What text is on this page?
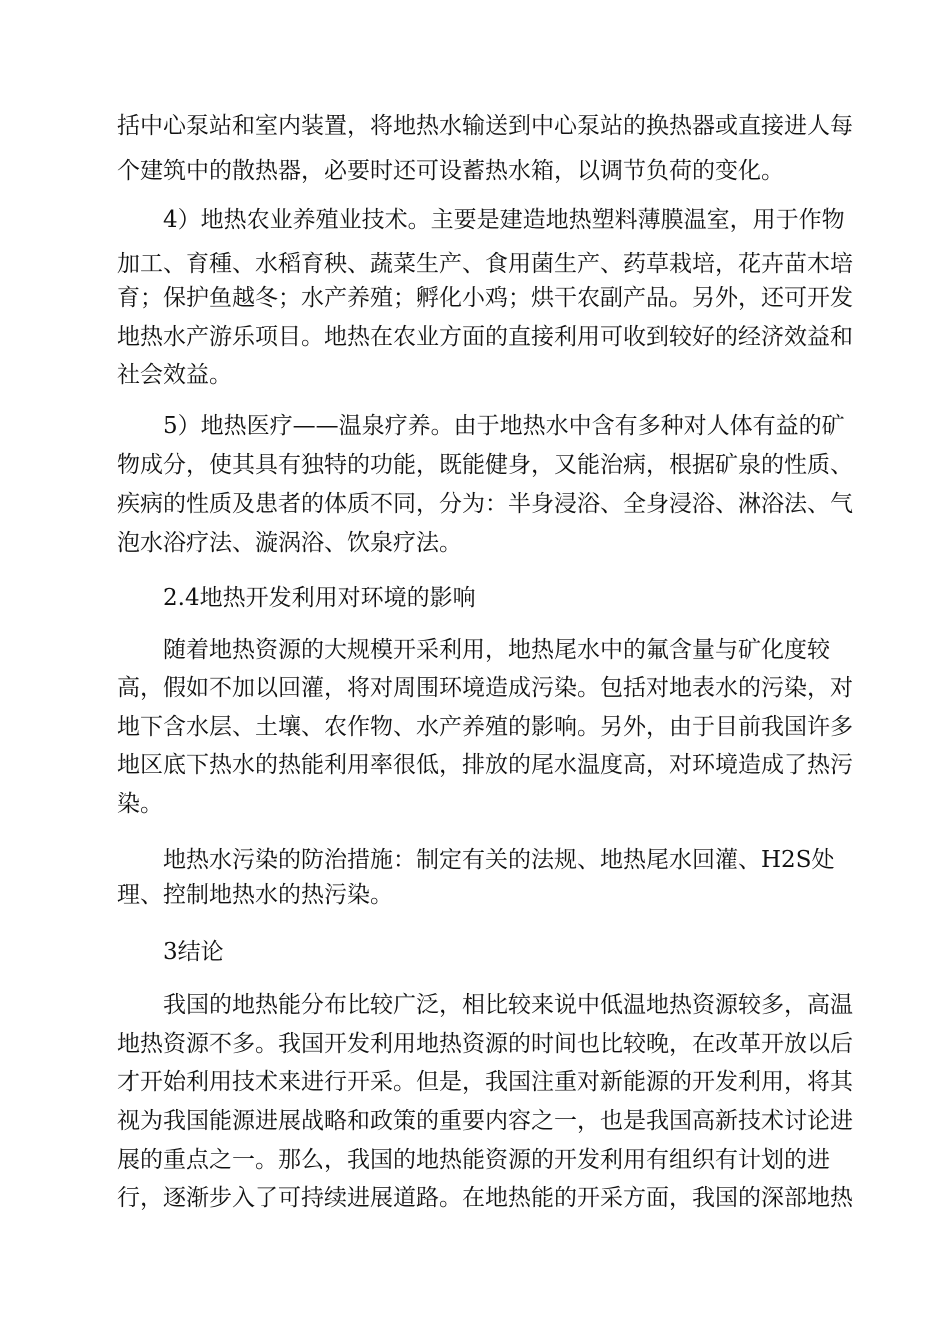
括中心泵站和室内装置，将地热水输送到中心泵站的换热器或直接进人每
个建筑中的散热器，必要时还可设蓄热水箱，以调节负荷的变化。
4）地热农业养殖业技术。主要是建造地热塑料薄膜温室，用于作物
加工、育種、水稻育秧、蔬菜生产、食用菌生产、药草栽培，花卉苗木培
育；保护鱼越冬；水产养殖；孵化小鸡；烘干农副产品。另外，还可开发
地热水产游乐项目。地热在农业方面的直接利用可收到较好的经济效益和
社会效益。
5）地热医疗——温泉疗养。由于地热水中含有多种对人体有益的矿
物成分，使其具有独特的功能，既能健身，又能治病，根据矿泉的性质、
疾病的性质及患者的体质不同，分为：半身浸浴、全身浸浴、淋浴法、气
泡水浴疗法、漩涡浴、饮泉疗法。
2.4地热开发利用对环境的影响
随着地热资源的大规模开采利用，地热尾水中的氟含量与矿化度较
高，假如不加以回灌，将对周围环境造成污染。包括对地表水的污染，对
地下含水层、土壤、农作物、水产养殖的影响。另外，由于目前我国许多
地区底下热水的热能利用率很低，排放的尾水温度高，对环境造成了热污
染。
地热水污染的防治措施：制定有关的法规、地热尾水回灌、H2S处
理、控制地热水的热污染。
3结论
我国的地热能分布比较广泛，相比较来说中低温地热资源较多，高温
地热资源不多。我国开发利用地热资源的时间也比较晚，在改革开放以后
才开始利用技术来进行开采。但是，我国注重对新能源的开发利用，将其
视为我国能源进展战略和政策的重要内容之一，也是我国高新技术讨论进
展的重点之一。那么，我国的地热能资源的开发利用有组织有计划的进
行，逐渐步入了可持续进展道路。在地热能的开采方面，我国的深部地热
